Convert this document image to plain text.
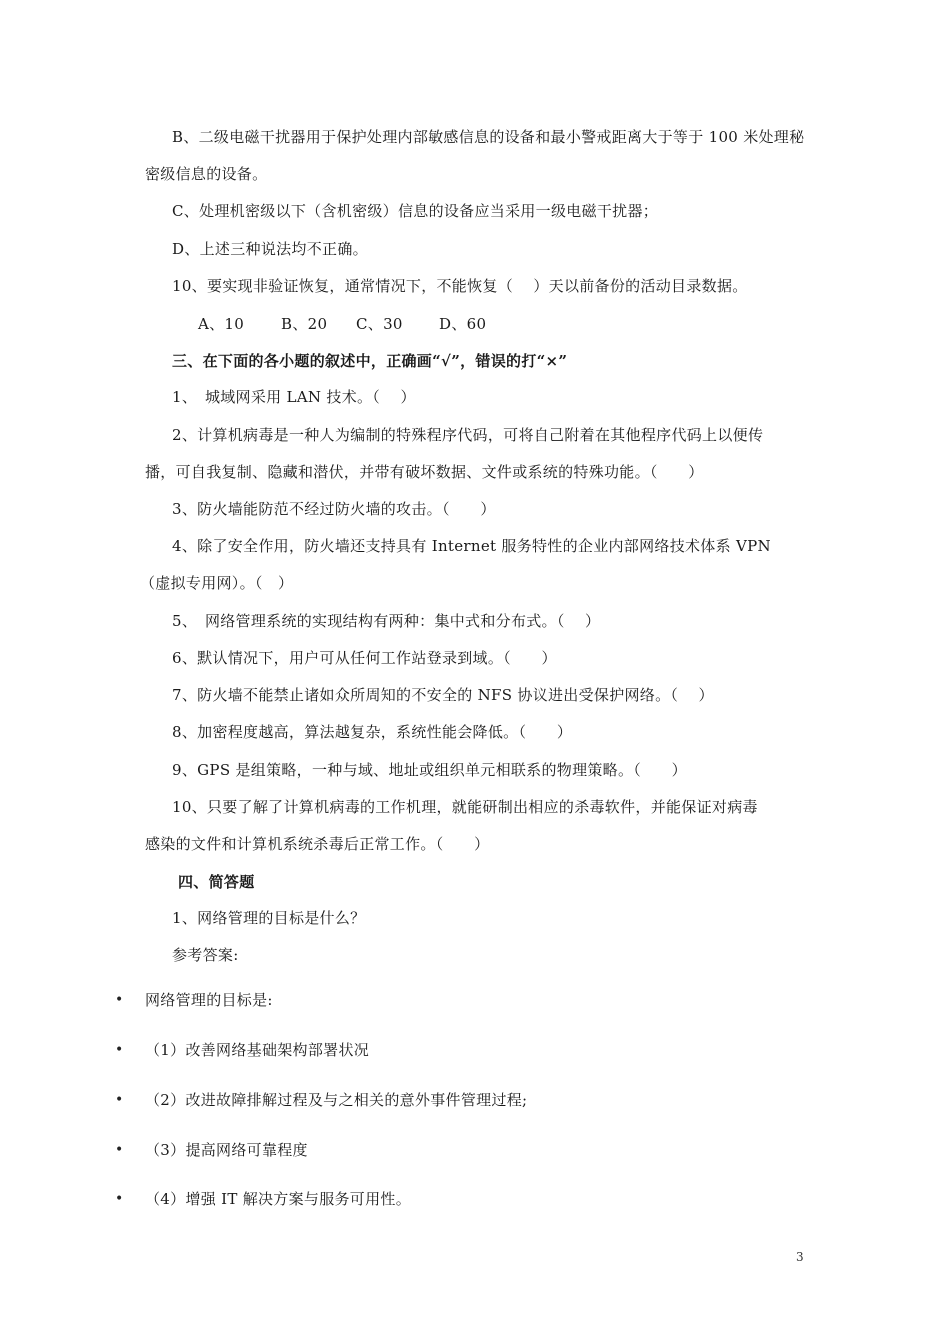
B、二级电磁干扰器用于保护处理内部敏感信息的设备和最小警戒距离大于等于 100 米处理秘
密级信息的设备。
C、处理机密级以下（含机密级）信息的设备应当采用一级电磁干扰器；
D、上述三种说法均不正确。
10、要实现非验证恢复，通常情况下，不能恢复（　 ）天以前备份的活动目录数据。
A、10 B、20 C、30 D、60
三、在下面的各小题的叙述中，正确画“√”，错误的打“×”
1、　城域网采用 LAN 技术。（　 ）
2、计算机病毒是一种人为编制的特殊程序代码，可将自己附着在其他程序代码上以便传
播，可自我复制、隐藏和潜伏，并带有破坏数据、文件或系统的特殊功能。（　　）
3、防火墙能防范不经过防火墙的攻击。（　　）
4、除了安全作用，防火墙还支持具有 Internet 服务特性的企业内部网络技术体系 VPN
（虚拟专用网）。（　）
5、　网络管理系统的实现结构有两种：集中式和分布式。（　 ）
6、默认情况下，用户可从任何工作站登录到域。（　　）
7、防火墙不能禁止诸如众所周知的不安全的 NFS 协议进出受保护网络。（　 ）
8、加密程度越高，算法越复杂，系统性能会降低。（　　）
9、GPS 是组策略，一种与域、地址或组织单元相联系的物理策略。（　　）
10、只要了解了计算机病毒的工作机理，就能研制出相应的杀毒软件，并能保证对病毒
感染的文件和计算机系统杀毒后正常工作。（　　）
四、简答题
1、网络管理的目标是什么？
参考答案:
• 网络管理的目标是:
• （1）改善网络基础架构部署状况
• （2）改进故障排解过程及与之相关的意外事件管理过程;
• （3）提高网络可靠程度
• （4）增强 IT 解决方案与服务可用性。
3
